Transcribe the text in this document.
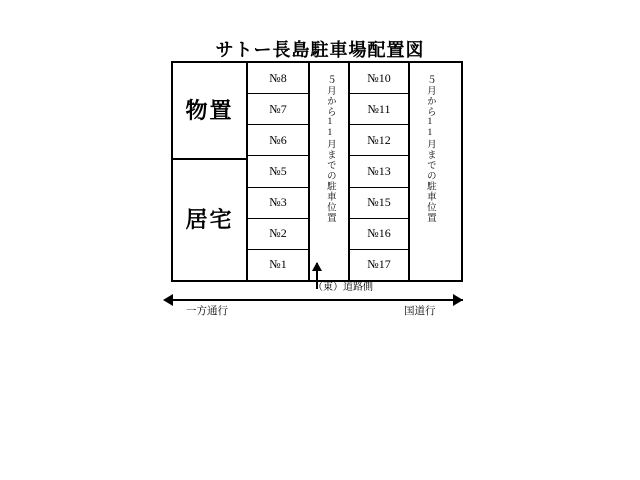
サトー長島駐車場配置図
物置
居宅
№8
№7
№6
№5
№3
№2
№1
５月から11月までの駐車位置	№10
№11
№12
№13
№15
№16
№17
５月から11月までの駐車位置
（東）道路側
一方通行	国道行
